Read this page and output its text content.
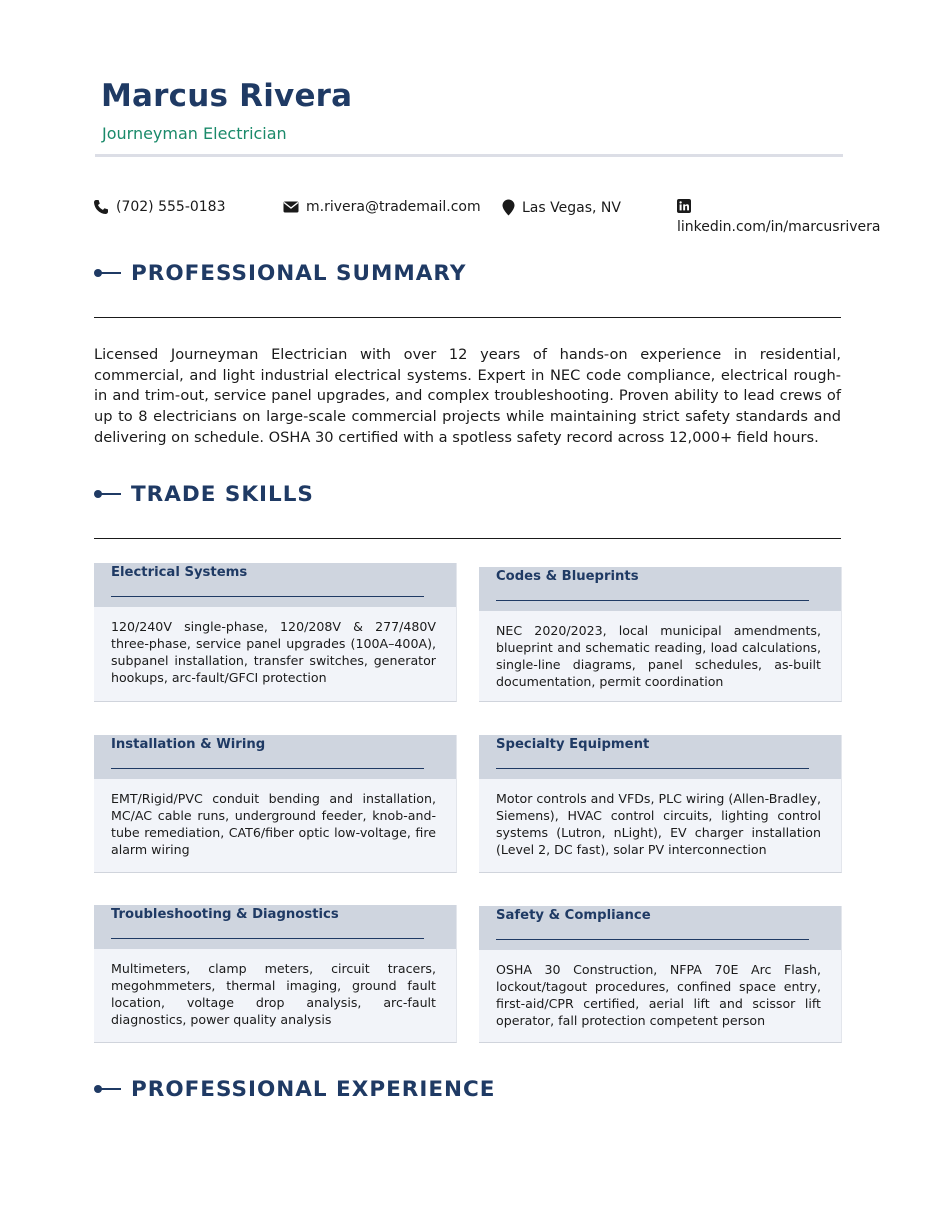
Marcus Rivera
Journeyman Electrician
(702) 555-0183	m.rivera@trademail.com	Las Vegas, NV
linkedin.com/in/marcusrivera
PROFESSIONAL SUMMARY
Licensed Journeyman Electrician with over 12 years of hands-on experience in residential, commercial, and light industrial electrical systems. Expert in NEC code compliance, electrical rough-in and trim-out, service panel upgrades, and complex troubleshooting. Proven ability to lead crews of up to 8 electricians on large-scale commercial projects while maintaining strict safety standards and delivering on schedule. OSHA 30 certified with a spotless safety record across 12,000+ field hours.
TRADE SKILLS
Electrical Systems
120/240V single-phase, 120/208V & 277/480V three-phase, service panel upgrades (100A–400A), subpanel installation, transfer switches, generator hookups, arc-fault/GFCI protection
Codes & Blueprints
NEC 2020/2023, local municipal amendments, blueprint and schematic reading, load calculations, single-line diagrams, panel schedules, as-built documentation, permit coordination
Installation & Wiring
EMT/Rigid/PVC conduit bending and installation, MC/AC cable runs, underground feeder, knob-and-tube remediation, CAT6/fiber optic low-voltage, fire alarm wiring
Specialty Equipment
Motor controls and VFDs, PLC wiring (Allen-Bradley, Siemens), HVAC control circuits, lighting control systems (Lutron, nLight), EV charger installation (Level 2, DC fast), solar PV interconnection
Troubleshooting & Diagnostics
Multimeters, clamp meters, circuit tracers, megohmmeters, thermal imaging, ground fault location, voltage drop analysis, arc-fault diagnostics, power quality analysis
Safety & Compliance
OSHA 30 Construction, NFPA 70E Arc Flash, lockout/tagout procedures, confined space entry, first-aid/CPR certified, aerial lift and scissor lift operator, fall protection competent person
PROFESSIONAL EXPERIENCE
